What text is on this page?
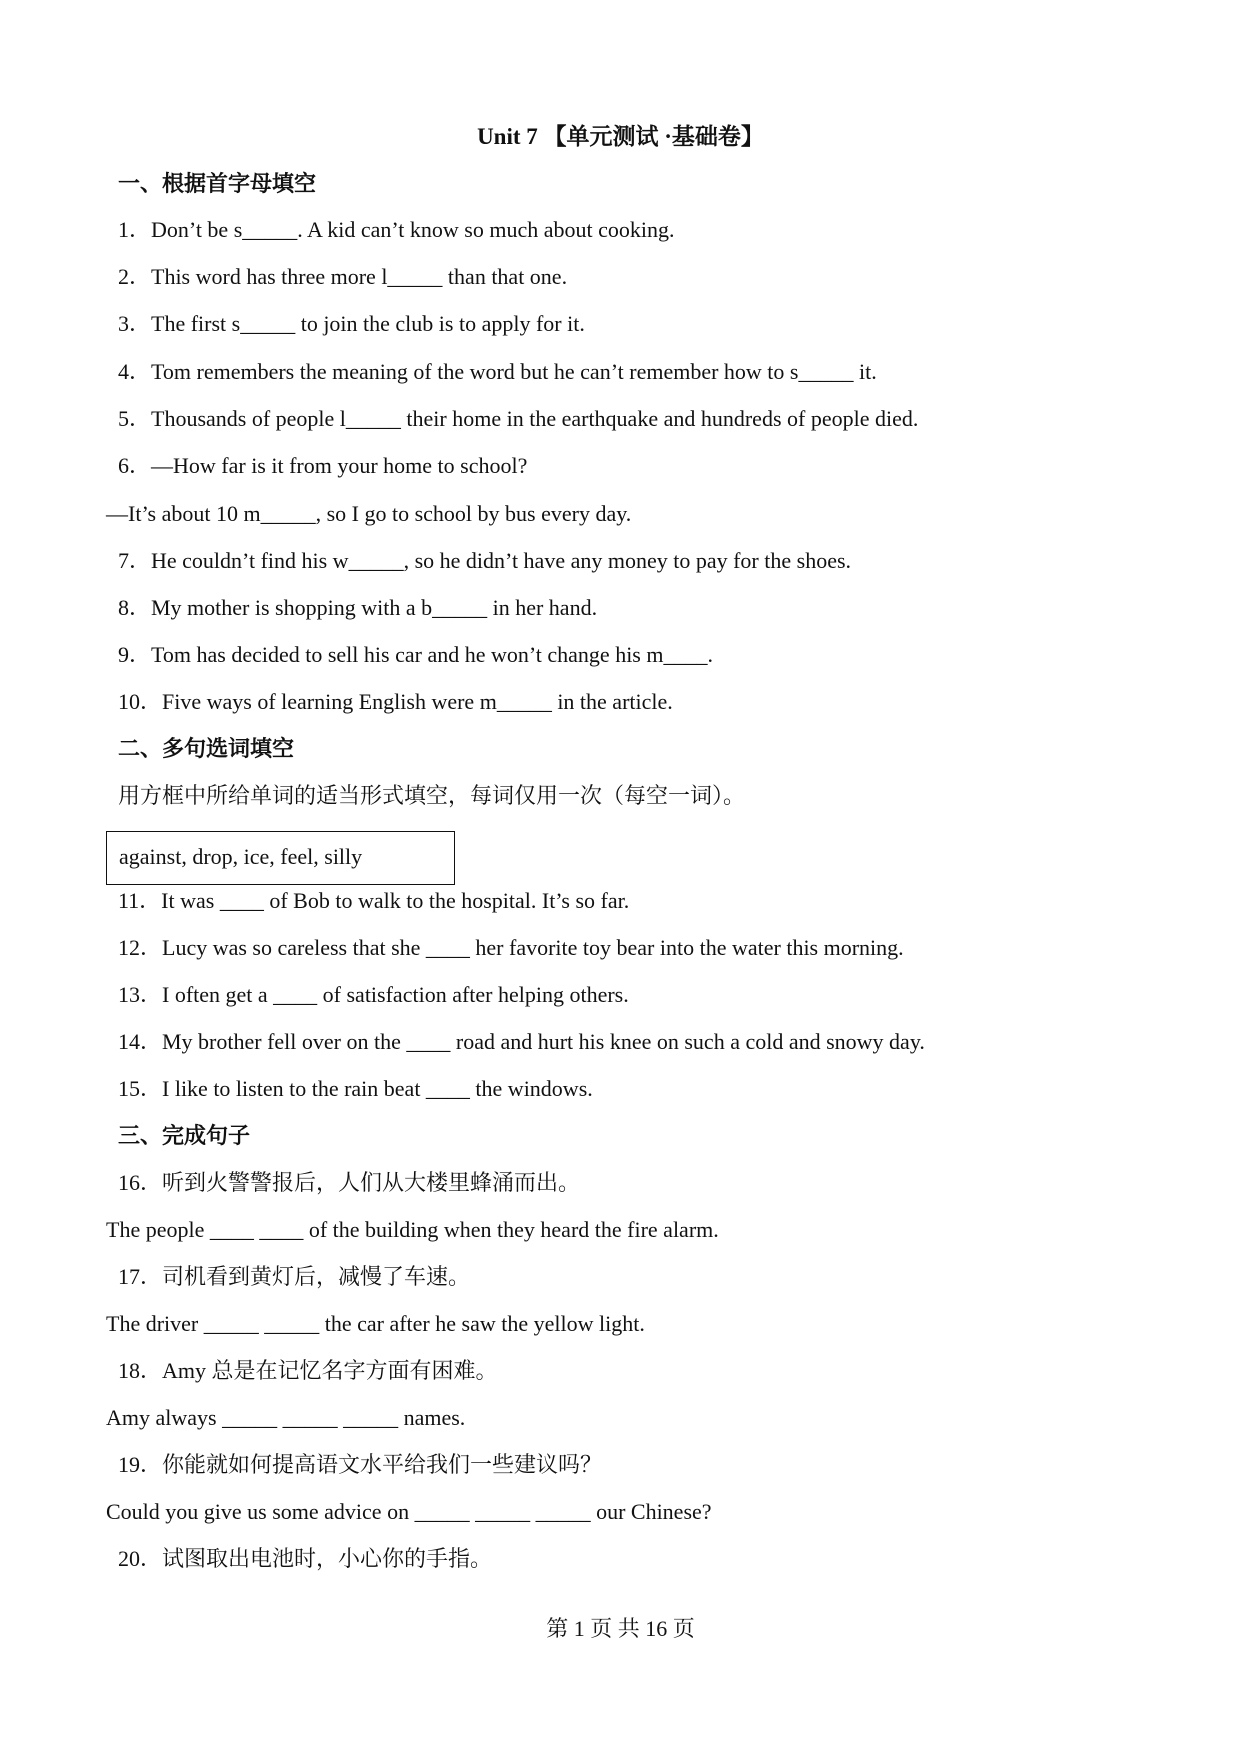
Unit 7 【单元测试 ·基础卷】
一、根据首字母填空
1．Don’t be s_____. A kid can’t know so much about cooking.
2．This word has three more l_____ than that one.
3．The first s_____ to join the club is to apply for it.
4．Tom remembers the meaning of the word but he can’t remember how to s_____ it.
5．Thousands of people l_____ their home in the earthquake and hundreds of people died.
6．—How far is it from your home to school?
—It’s about 10 m_____, so I go to school by bus every day.
7．He couldn’t find his w_____, so he didn’t have any money to pay for the shoes.
8．My mother is shopping with a b_____ in her hand.
9．Tom has decided to sell his car and he won’t change his m____.
10．Five ways of learning English were m_____ in the article.
二、多句选词填空
用方框中所给单词的适当形式填空，每词仅用一次（每空一词）。
against, drop, ice, feel, silly
11．It was ____ of Bob to walk to the hospital. It’s so far.
12．Lucy was so careless that she ____ her favorite toy bear into the water this morning.
13．I often get a ____ of satisfaction after helping others.
14．My brother fell over on the ____ road and hurt his knee on such a cold and snowy day.
15．I like to listen to the rain beat ____ the windows.
三、完成句子
16．听到火警警报后，人们从大楼里蜂涌而出。
The people ____ ____ of the building when they heard the fire alarm.
17．司机看到黄灯后，减慢了车速。
The driver _____ _____ the car after he saw the yellow light.
18．Amy 总是在记忆名字方面有困难。
Amy always _____ _____ _____ names.
19．你能就如何提高语文水平给我们一些建议吗？
Could you give us some advice on _____ _____ _____ our Chinese?
20．试图取出电池时，小心你的手指。
第 1 页 共 16 页
